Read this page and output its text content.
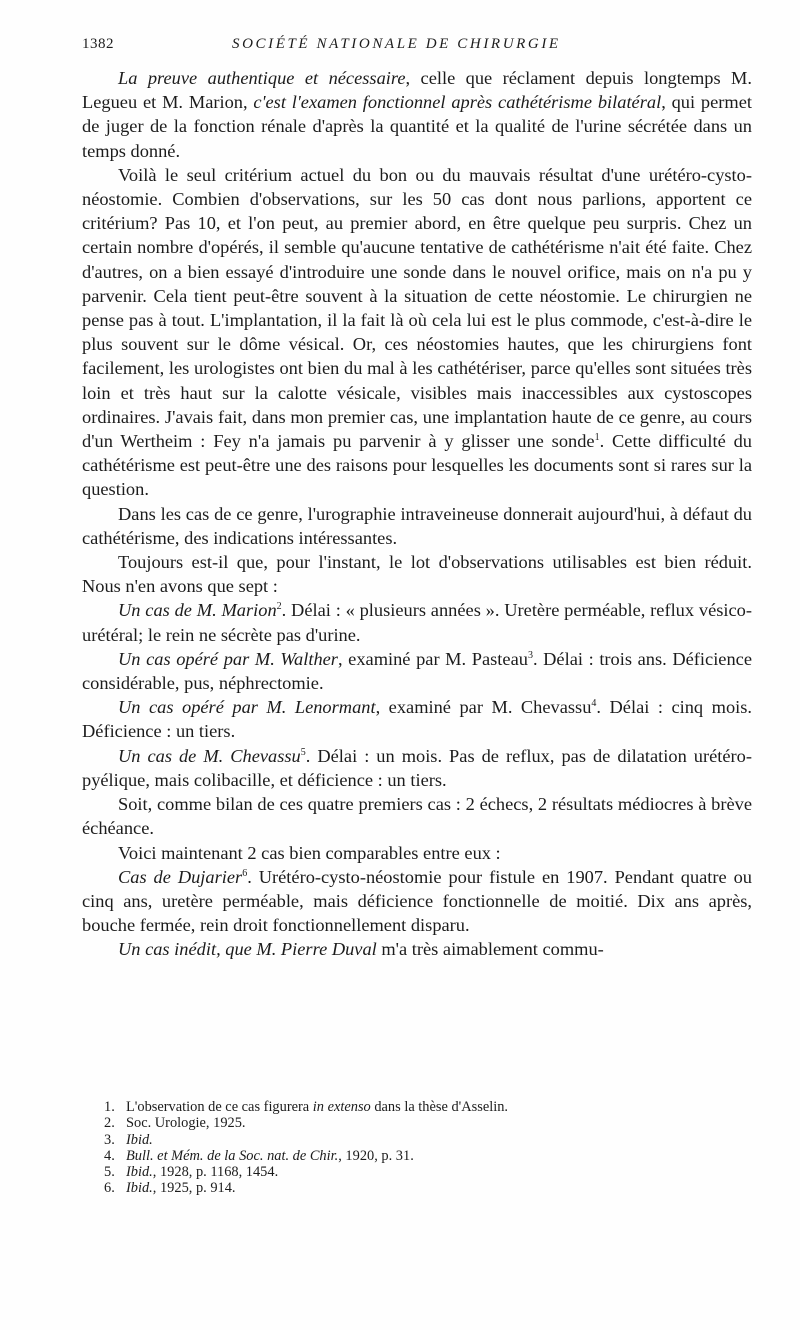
1382	SOCIÉTÉ NATIONALE DE CHIRURGIE

La preuve authentique et nécessaire, celle que réclament depuis longtemps M. Legueu et M. Marion, c'est l'examen fonctionnel après cathétérisme bilatéral, qui permet de juger de la fonction rénale d'après la quantité et la qualité de l'urine sécrétée dans un temps donné.

Voilà le seul critérium actuel du bon ou du mauvais résultat d'une urétéro-cysto-néostomie. Combien d'observations, sur les 50 cas dont nous parlions, apportent ce critérium? Pas 10, et l'on peut, au premier abord, en être quelque peu surpris. Chez un certain nombre d'opérés, il semble qu'aucune tentative de cathétérisme n'ait été faite. Chez d'autres, on a bien essayé d'introduire une sonde dans le nouvel orifice, mais on n'a pu y parvenir. Cela tient peut-être souvent à la situation de cette néostomie. Le chirurgien ne pense pas à tout. L'implantation, il la fait là où cela lui est le plus commode, c'est-à-dire le plus souvent sur le dôme vésical. Or, ces néostomies hautes, que les chirurgiens font facilement, les urologistes ont bien du mal à les cathétériser, parce qu'elles sont situées très loin et très haut sur la calotte vésicale, visibles mais inaccessibles aux cystoscopes ordinaires. J'avais fait, dans mon premier cas, une implantation haute de ce genre, au cours d'un Wertheim : Fey n'a jamais pu parvenir à y glisser une sonde$^1$. Cette difficulté du cathétérisme est peut-être une des raisons pour lesquelles les documents sont si rares sur la question.

Dans les cas de ce genre, l'urographie intraveineuse donnerait aujourd'hui, à défaut du cathétérisme, des indications intéressantes.

Toujours est-il que, pour l'instant, le lot d'observations utilisables est bien réduit. Nous n'en avons que sept :

Un cas de M. Marion$^2$. Délai : « plusieurs années ». Uretère perméable, reflux vésico-urétéral; le rein ne sécrète pas d'urine.

Un cas opéré par M. Walther, examiné par M. Pasteau$^3$. Délai : trois ans. Déficience considérable, pus, néphrectomie.

Un cas opéré par M. Lenormant, examiné par M. Chevassu$^4$. Délai : cinq mois. Déficience : un tiers.

Un cas de M. Chevassu$^5$. Délai : un mois. Pas de reflux, pas de dilatation urétéro-pyélique, mais colibacille, et déficience : un tiers.

Soit, comme bilan de ces quatre premiers cas : 2 échecs, 2 résultats médiocres à brève échéance.

Voici maintenant 2 cas bien comparables entre eux :

Cas de Dujarier$^6$. Urétéro-cysto-néostomie pour fistule en 1907. Pendant quatre ou cinq ans, uretère perméable, mais déficience fonctionnelle de moitié. Dix ans après, bouche fermée, rein droit fonctionnellement disparu.

Un cas inédit, que M. Pierre Duval m'a très aimablement commu-

1. L'observation de ce cas figurera in extenso dans la thèse d'Asselin.
2. Soc. Urologie, 1925.
3. Ibid.
4. Bull. et Mém. de la Soc. nat. de Chir., 1920, p. 31.
5. Ibid., 1928, p. 1168, 1454.
6. Ibid., 1925, p. 914.
